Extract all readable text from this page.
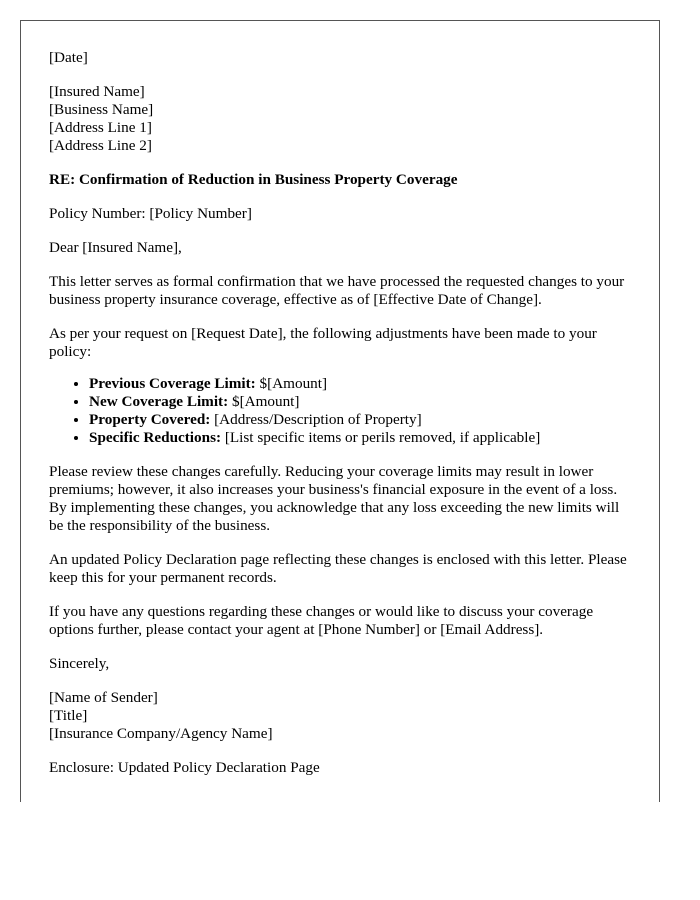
[Date]

[Insured Name]
[Business Name]
[Address Line 1]
[Address Line 2]

RE: Confirmation of Reduction in Business Property Coverage

Policy Number: [Policy Number]

Dear [Insured Name],

This letter serves as formal confirmation that we have processed the requested changes to your business property insurance coverage, effective as of [Effective Date of Change].

As per your request on [Request Date], the following adjustments have been made to your policy:

• Previous Coverage Limit: $[Amount]
• New Coverage Limit: $[Amount]
• Property Covered: [Address/Description of Property]
• Specific Reductions: [List specific items or perils removed, if applicable]

Please review these changes carefully. Reducing your coverage limits may result in lower premiums; however, it also increases your business's financial exposure in the event of a loss. By implementing these changes, you acknowledge that any loss exceeding the new limits will be the responsibility of the business.

An updated Policy Declaration page reflecting these changes is enclosed with this letter. Please keep this for your permanent records.

If you have any questions regarding these changes or would like to discuss your coverage options further, please contact your agent at [Phone Number] or [Email Address].

Sincerely,

[Name of Sender]
[Title]
[Insurance Company/Agency Name]

Enclosure: Updated Policy Declaration Page
